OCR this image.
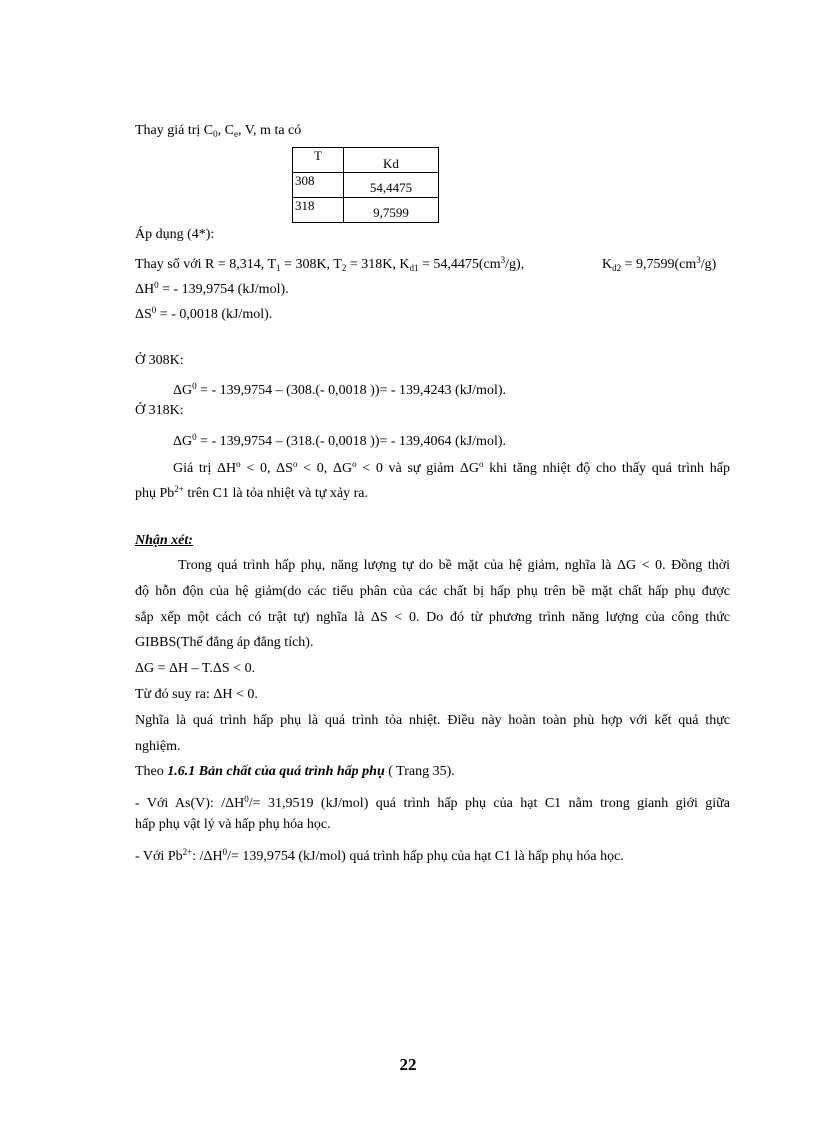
Thay giá trị $C_0$, $C_e$, V, m ta có
T	Kd
308	54,4475
318	9,7599
Áp dụng (4*):
Thay số với R = 8,314, $T_1 = 308K$, $T_2 = 318K$, $K_{d1} = 54,4475(cm^3/g)$,	$K_{d2} = 9,7599(cm^3/g)$
$\Delta H^0$ = - 139,9754 (kJ/mol).
$\Delta S^0$ = - 0,0018 (kJ/mol).
Ở 308K:
$\Delta G^0$ = - 139,9754 – (308.(- 0,0018 ))= - 139,4243 (kJ/mol).
Ở 318K:
$\Delta G^0$ = - 139,9754 – (318.(- 0,0018 ))= - 139,4064 (kJ/mol).
Giá trị $\Delta H^o < 0$, $\Delta S^o < 0$, $\Delta G^o < 0$ và sự giảm $\Delta G^o$ khi tăng nhiệt độ cho thấy quá trình hấp
phụ $Pb^{2+}$ trên C1 là tỏa nhiệt và tự xảy ra.
Nhận xét:
Trong quá trình hấp phụ, năng lượng tự do bề mặt của hệ giảm, nghĩa là ΔG < 0. Đồng thời
độ hỗn độn của hệ giảm(do các tiểu phân của các chất bị hấp phụ trên bề mặt chất hấp phụ được
sắp xếp một cách có trật tự) nghĩa là ΔS < 0. Do đó từ phương trình năng lượng của công thức
GIBBS(Thế đẳng áp đẳng tích).
ΔG = ΔH – T.ΔS < 0.
Từ đó suy ra: ΔH < 0.
Nghĩa là quá trình hấp phụ là quá trình tỏa nhiệt. Điều này hoàn toàn phù hợp với kết quả thực
nghiệm.
Theo 1.6.1 Bản chất của quá trình hấp phụ ( Trang 35).
- Với As(V): $/\Delta H^0/= 31,9519$ (kJ/mol) quá trình hấp phụ của hạt C1 nằm trong gianh giới giữa
hấp phụ vật lý và hấp phụ hóa học.
- Với $Pb^{2+}$: $/\Delta H^0/= 139,9754$ (kJ/mol) quá trình hấp phụ của hạt C1 là hấp phụ hóa học.
22
